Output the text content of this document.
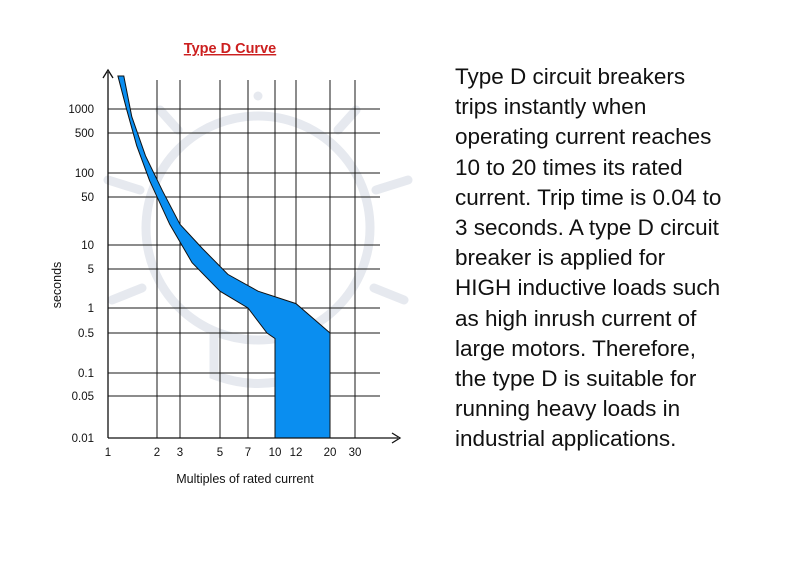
1	2 3	5 7 10 12 20 30
0.01
0.05
0.1
0.5
1
5
10
50
100
500
1000
Type D Curve
Multiples of rated current
seconds
Type D circuit breakers
trips instantly when
operating current reaches
10 to 20 times its rated
current. Trip time is 0.04 to
3 seconds. A type D circuit
breaker is applied for
HIGH inductive loads such
as high inrush current of
large motors. Therefore,
the type D is suitable for
running heavy loads in
industrial applications.
